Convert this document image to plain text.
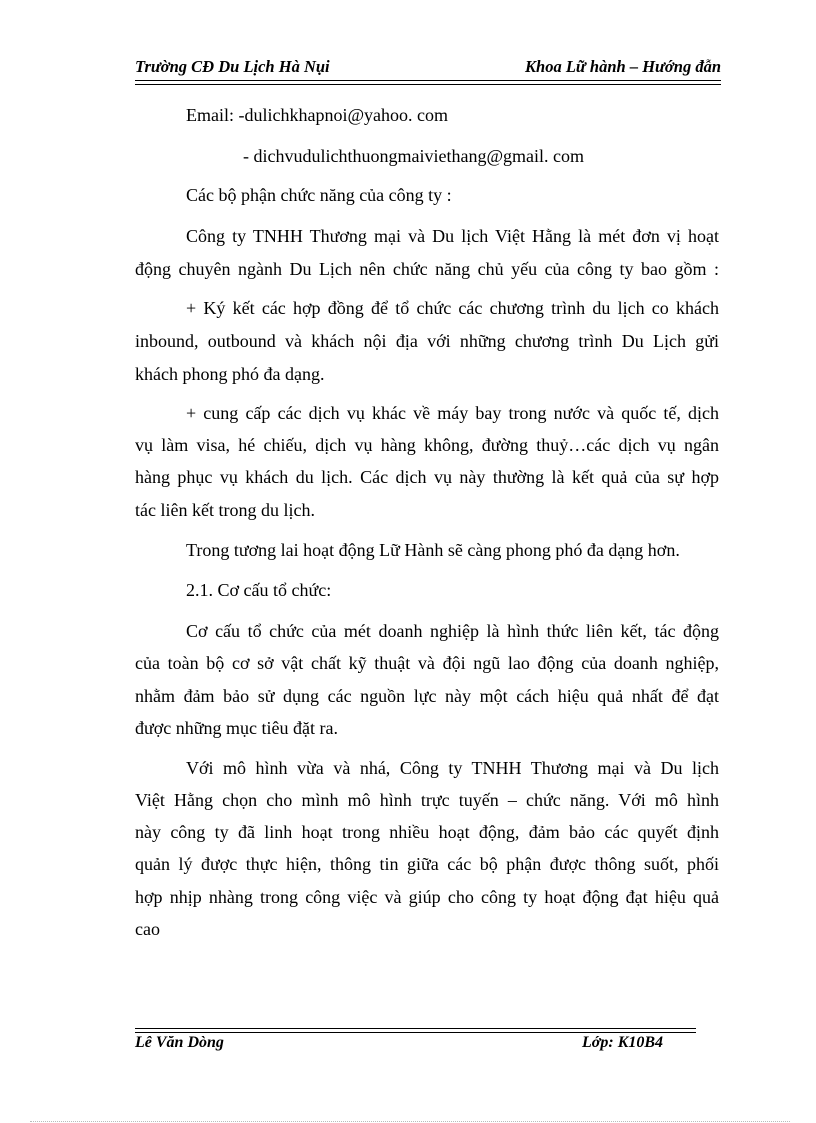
Trường CĐ Du Lịch Hà Nụi	Khoa Lữ hành – Hướng đẫn
Email: -dulichkhapnoi@yahoo. com
- dichvudulichthuongmaiviethang@gmail. com
Các bộ phận chức năng của công ty :
Công ty TNHH Thương mại và Du lịch Việt Hằng là mét đơn vị hoạt
động chuyên ngành Du Lịch nên chức năng chủ yếu của công ty bao gồm :
+ Ký kết các hợp đồng để tổ chức các chương trình du lịch co khách
inbound, outbound và khách nội địa với những chương trình Du Lịch gửi
khách phong phó đa dạng.
+ cung cấp các dịch vụ khác về máy bay trong nước và quốc tế, dịch
vụ làm visa, hé chiếu, dịch vụ hàng không, đường thuỷ…các dịch vụ ngân
hàng phục vụ khách du lịch. Các dịch vụ này thường là kết quả của sự hợp
tác liên kết trong du lịch.
Trong tương lai hoạt động Lữ Hành sẽ càng phong phó đa dạng hơn.
2.1. Cơ cấu tổ chức:
Cơ cấu tổ chức của mét doanh nghiệp là hình thức liên kết, tác động
của toàn bộ cơ sở vật chất kỹ thuật và đội ngũ lao động của doanh nghiệp,
nhằm đảm bảo sử dụng các nguồn lực này một cách hiệu quả nhất để đạt
được những mục tiêu đặt ra.
Với mô hình vừa và nhá, Công ty TNHH Thương mại và Du lịch
Việt Hằng chọn cho mình mô hình trực tuyến – chức năng. Với mô hình
này công ty đã linh hoạt trong nhiều hoạt động, đảm bảo các quyết định
quản lý được thực hiện, thông tin giữa các bộ phận được thông suốt, phối
hợp nhịp nhàng trong công việc và giúp cho công ty hoạt động đạt hiệu quả
cao
Lê Văn Dòng	Lớp: K10B4
